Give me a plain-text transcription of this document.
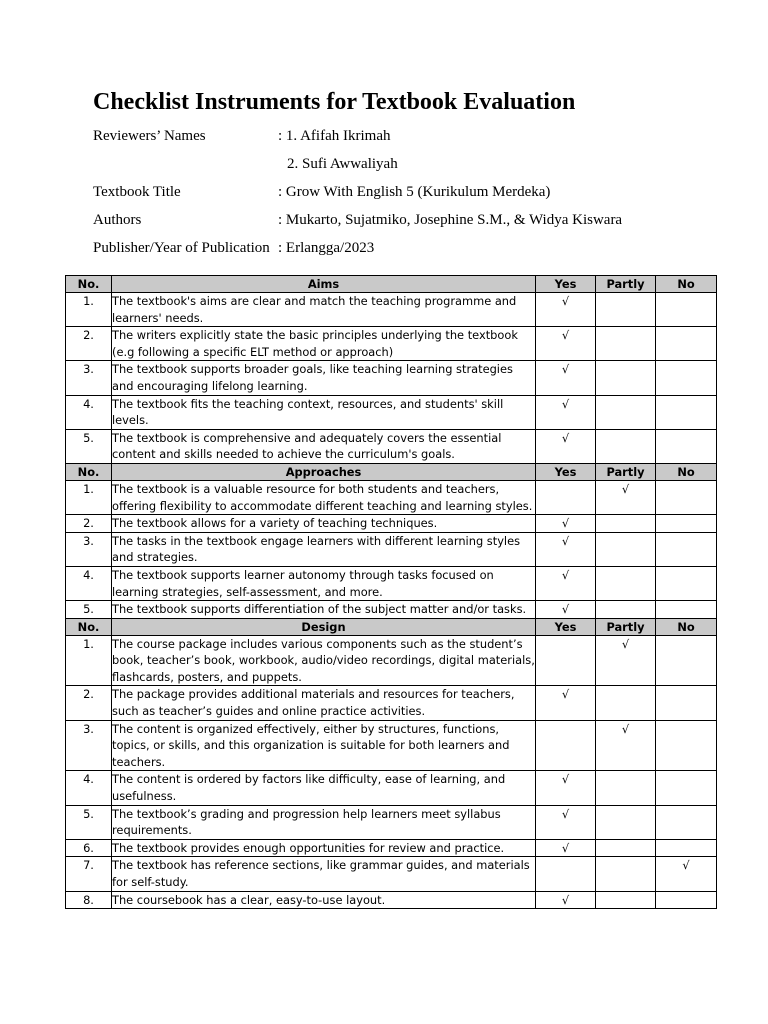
Checklist Instruments for Textbook Evaluation
Reviewers’ Names	: 1. Afifah Ikrimah
2. Sufi Awwaliyah
Textbook Title	: Grow With English 5 (Kurikulum Merdeka)
Authors	: Mukarto, Sujatmiko, Josephine S.M., & Widya Kiswara
Publisher/Year of Publication : Erlangga/2023
No.	Aims	Yes	Partly	No
1.	The textbook's aims are clear and match the teaching programme and learners' needs.	√		
2.	The writers explicitly state the basic principles underlying the textbook (e.g following a specific ELT method or approach)	√		
3.	The textbook supports broader goals, like teaching learning strategies and encouraging lifelong learning.	√		
4.	The textbook fits the teaching context, resources, and students' skill levels.	√		
5.	The textbook is comprehensive and adequately covers the essential content and skills needed to achieve the curriculum's goals.	√		
No.	Approaches	Yes	Partly	No
1.	The textbook is a valuable resource for both students and teachers, offering flexibility to accommodate different teaching and learning styles.		√	
2.	The textbook allows for a variety of teaching techniques.	√		
3.	The tasks in the textbook engage learners with different learning styles and strategies.	√		
4.	The textbook supports learner autonomy through tasks focused on learning strategies, self-assessment, and more.	√		
5.	The textbook supports differentiation of the subject matter and/or tasks.	√		
No.	Design	Yes	Partly	No
1.	The course package includes various components such as the student’s book, teacher’s book, workbook, audio/video recordings, digital materials, flashcards, posters, and puppets.		√	
2.	The package provides additional materials and resources for teachers, such as teacher’s guides and online practice activities.	√		
3.	The content is organized effectively, either by structures, functions, topics, or skills, and this organization is suitable for both learners and teachers.		√	
4.	The content is ordered by factors like difficulty, ease of learning, and usefulness.	√		
5.	The textbook’s grading and progression help learners meet syllabus requirements.	√		
6.	The textbook provides enough opportunities for review and practice.	√		
7.	The textbook has reference sections, like grammar guides, and materials for self-study.			√
8.	The coursebook has a clear, easy-to-use layout.	√		
